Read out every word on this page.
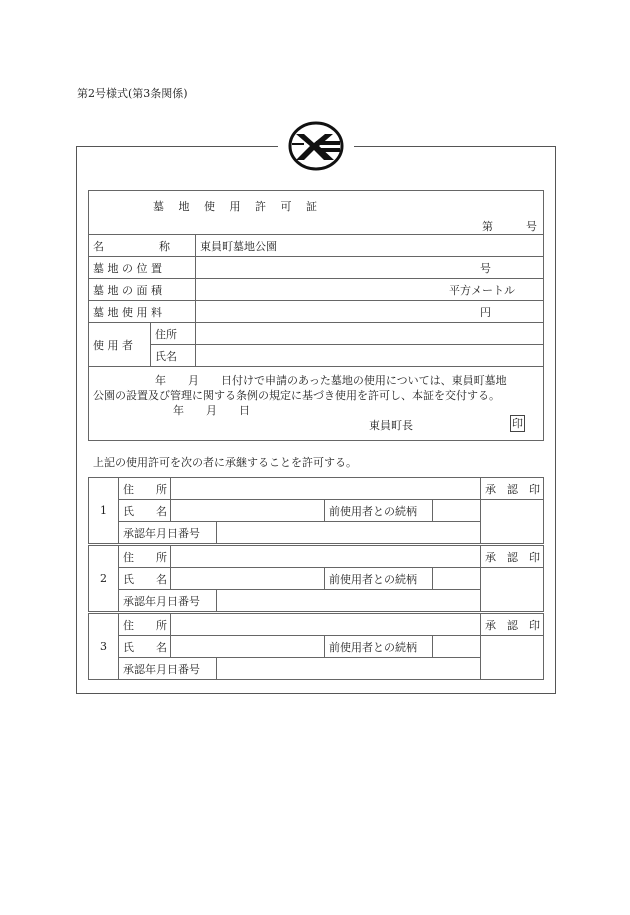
第2号様式(第3条関係)
墓 地 使 用 許 可 証
第　　　号		

名　　　　　称		東員町墓地公園
墓 地 の 位 置		号
墓 地 の 面 積		平方メートル
墓 地 使 用 料		円
使 用 者	住所	
	氏名	

年　　月　　日付けで申請のあった墓地の使用については、東員町墓地
公園の設置及び管理に関する条例の規定に基づき使用を許可し、本証を交付する。
年　　月　　日
東員町長 印		
上記の使用許可を次の者に承継することを許可する。
1	住　　所					承　認　印
	氏　　名			前使用者との続柄		
	承認年月日番号					
2	住　　所					承　認　印
	氏　　名			前使用者との続柄		
	承認年月日番号					
3	住　　所					承　認　印
	氏　　名			前使用者との続柄		
	承認年月日番号					
